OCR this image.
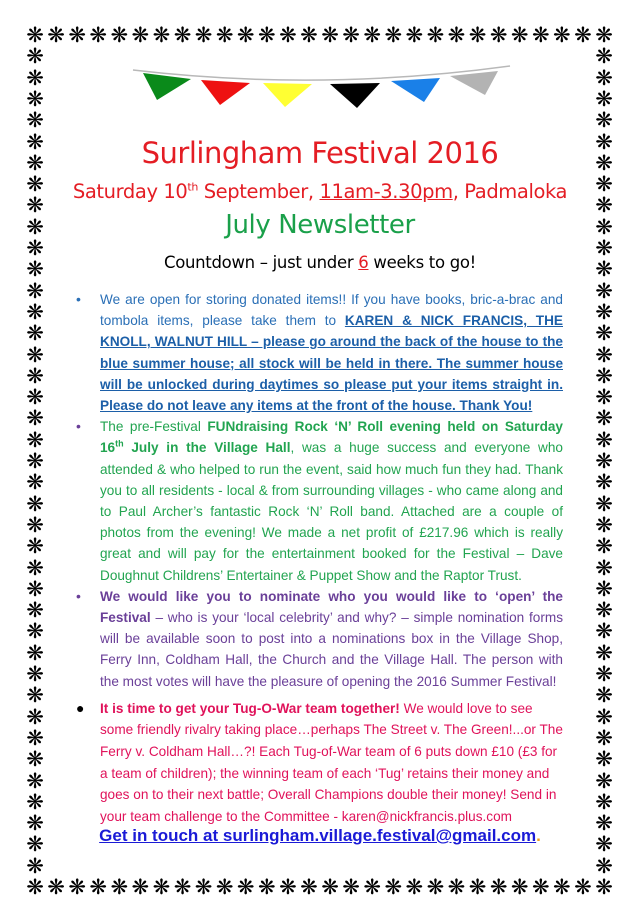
❋
❋
❋
❋
❋
❋
❋
❋
❋
❋
❋
❋
❋
❋
❋
❋
❋
❋
❋
❋
❋
❋
❋
❋
❋
❋
❋
❋
❋
❋
❋
❋
❋
❋
❋
❋
❋
❋
❋
❋
❋
❋
❋
❋
❋
❋
❋
❋
❋
❋
❋
❋
❋
❋
❋
❋
❋	❋
❋	❋
❋	❋
❋	❋
❋	❋
❋	❋
❋	❋
❋	❋
❋	❋
❋	❋
❋	❋
❋	❋
❋	❋
❋	❋
❋	❋
❋	❋
❋	❋
❋	❋
❋	❋
❋	❋
❋	❋
❋	❋
❋	❋
❋	❋
❋	❋
❋	❋
❋	❋
❋	❋
❋	❋
❋	❋
❋	❋
❋	❋
❋	❋
❋	❋
❋	❋
❋	❋
❋	❋
❋	❋
❋	❋
Surlingham Festival 2016
Saturday 10th September, 11am-3.30pm, Padmaloka
July Newsletter
Countdown – just under 6 weeks to go!
• We are open for storing donated items!! If you have books, bric-a-brac and tombola items, please take them to KAREN & NICK FRANCIS, THE KNOLL, WALNUT HILL – please go around the back of the house to the blue summer house; all stock will be held in there. The summer house will be unlocked during daytimes so please put your items straight in. Please do not leave any items at the front of the house. Thank You!
• The pre-Festival FUNdraising Rock ‘N’ Roll evening held on Saturday 16th July in the Village Hall, was a huge success and everyone who attended & who helped to run the event, said how much fun they had. Thank you to all residents - local & from surrounding villages - who came along and to Paul Archer’s fantastic Rock ‘N’ Roll band. Attached are a couple of photos from the evening! We made a net profit of £217.96 which is really great and will pay for the entertainment booked for the Festival – Dave Doughnut Childrens’ Entertainer & Puppet Show and the Raptor Trust.
• We would like you to nominate who you would like to ‘open’ the Festival – who is your ‘local celebrity’ and why? – simple nomination forms will be available soon to post into a nominations box in the Village Shop, Ferry Inn, Coldham Hall, the Church and the Village Hall. The person with the most votes will have the pleasure of opening the 2016 Summer Festival!
● It is time to get your Tug-O-War team together! We would love to see some friendly rivalry taking place…perhaps The Street v. The Green!...or The Ferry v. Coldham Hall…?! Each Tug-of-War team of 6 puts down £10 (£3 for a team of children); the winning team of each ‘Tug’ retains their money and goes on to their next battle; Overall Champions double their money! Send in your team challenge to the Committee - karen@nickfrancis.plus.com
Get in touch at surlingham.village.festival@gmail.com.
